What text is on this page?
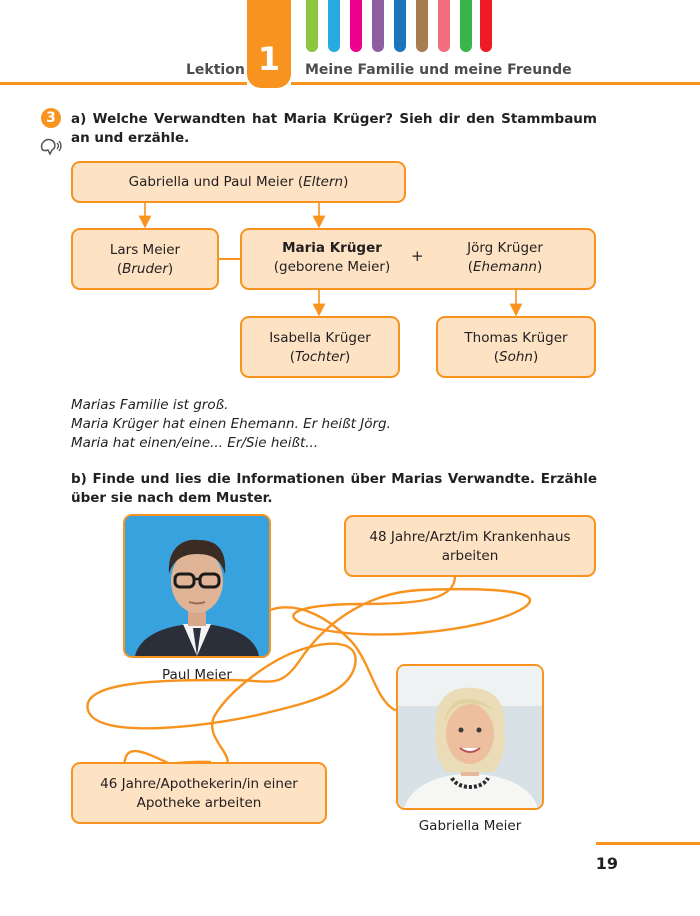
Lektion 1	Meine Familie und meine Freunde
3	a) Welche Verwandten hat Maria Krüger? Sieh dir den Stammbaum an und erzähle.
Gabriella und Paul Meier (Eltern)
Lars Meier
(Bruder)
Maria Krüger
(geborene Meier)
+	Jörg Krüger
(Ehemann)
Isabella Krüger
(Tochter)
Thomas Krüger
(Sohn)
Marias Familie ist groß.
Maria Krüger hat einen Ehemann. Er heißt Jörg.
Maria hat einen/eine... Er/Sie heißt...
b) Finde und lies die Informationen über Marias Verwandte. Erzähle über sie nach dem Muster.
48 Jahre/Arzt/im Krankenhaus arbeiten
46 Jahre/Apothekerin/in einer Apotheke arbeiten
Paul Meier
Gabriella Meier
19
